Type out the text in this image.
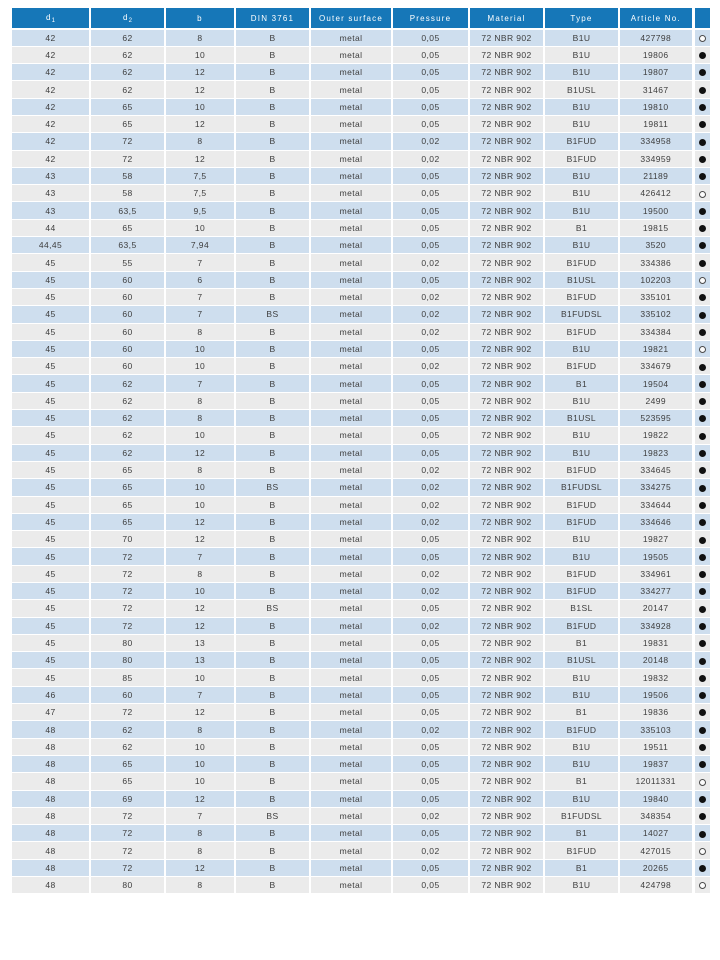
$d_1$	$d_2$	b	DIN 3761	Outer surface	Pressure	Material	Type	Article No.	
42	62	8	B	metal	0,05	72 NBR 902	B1U	427798	
42	62	10	B	metal	0,05	72 NBR 902	B1U	19806	
42	62	12	B	metal	0,05	72 NBR 902	B1U	19807	
42	62	12	B	metal	0,05	72 NBR 902	B1USL	31467	
42	65	10	B	metal	0,05	72 NBR 902	B1U	19810	
42	65	12	B	metal	0,05	72 NBR 902	B1U	19811	
42	72	8	B	metal	0,02	72 NBR 902	B1FUD	334958	
42	72	12	B	metal	0,02	72 NBR 902	B1FUD	334959	
43	58	7,5	B	metal	0,05	72 NBR 902	B1U	21189	
43	58	7,5	B	metal	0,05	72 NBR 902	B1U	426412	
43	63,5	9,5	B	metal	0,05	72 NBR 902	B1U	19500	
44	65	10	B	metal	0,05	72 NBR 902	B1	19815	
44,45	63,5	7,94	B	metal	0,05	72 NBR 902	B1U	3520	
45	55	7	B	metal	0,02	72 NBR 902	B1FUD	334386	
45	60	6	B	metal	0,05	72 NBR 902	B1USL	102203	
45	60	7	B	metal	0,02	72 NBR 902	B1FUD	335101	
45	60	7	BS	metal	0,02	72 NBR 902	B1FUDSL	335102	
45	60	8	B	metal	0,02	72 NBR 902	B1FUD	334384	
45	60	10	B	metal	0,05	72 NBR 902	B1U	19821	
45	60	10	B	metal	0,02	72 NBR 902	B1FUD	334679	
45	62	7	B	metal	0,05	72 NBR 902	B1	19504	
45	62	8	B	metal	0,05	72 NBR 902	B1U	2499	
45	62	8	B	metal	0,05	72 NBR 902	B1USL	523595	
45	62	10	B	metal	0,05	72 NBR 902	B1U	19822	
45	62	12	B	metal	0,05	72 NBR 902	B1U	19823	
45	65	8	B	metal	0,02	72 NBR 902	B1FUD	334645	
45	65	10	BS	metal	0,02	72 NBR 902	B1FUDSL	334275	
45	65	10	B	metal	0,02	72 NBR 902	B1FUD	334644	
45	65	12	B	metal	0,02	72 NBR 902	B1FUD	334646	
45	70	12	B	metal	0,05	72 NBR 902	B1U	19827	
45	72	7	B	metal	0,05	72 NBR 902	B1U	19505	
45	72	8	B	metal	0,02	72 NBR 902	B1FUD	334961	
45	72	10	B	metal	0,02	72 NBR 902	B1FUD	334277	
45	72	12	BS	metal	0,05	72 NBR 902	B1SL	20147	
45	72	12	B	metal	0,02	72 NBR 902	B1FUD	334928	
45	80	13	B	metal	0,05	72 NBR 902	B1	19831	
45	80	13	B	metal	0,05	72 NBR 902	B1USL	20148	
45	85	10	B	metal	0,05	72 NBR 902	B1U	19832	
46	60	7	B	metal	0,05	72 NBR 902	B1U	19506	
47	72	12	B	metal	0,05	72 NBR 902	B1	19836	
48	62	8	B	metal	0,02	72 NBR 902	B1FUD	335103	
48	62	10	B	metal	0,05	72 NBR 902	B1U	19511	
48	65	10	B	metal	0,05	72 NBR 902	B1U	19837	
48	65	10	B	metal	0,05	72 NBR 902	B1	12011331	
48	69	12	B	metal	0,05	72 NBR 902	B1U	19840	
48	72	7	BS	metal	0,02	72 NBR 902	B1FUDSL	348354	
48	72	8	B	metal	0,05	72 NBR 902	B1	14027	
48	72	8	B	metal	0,02	72 NBR 902	B1FUD	427015	
48	72	12	B	metal	0,05	72 NBR 902	B1	20265	
48	80	8	B	metal	0,05	72 NBR 902	B1U	424798	
